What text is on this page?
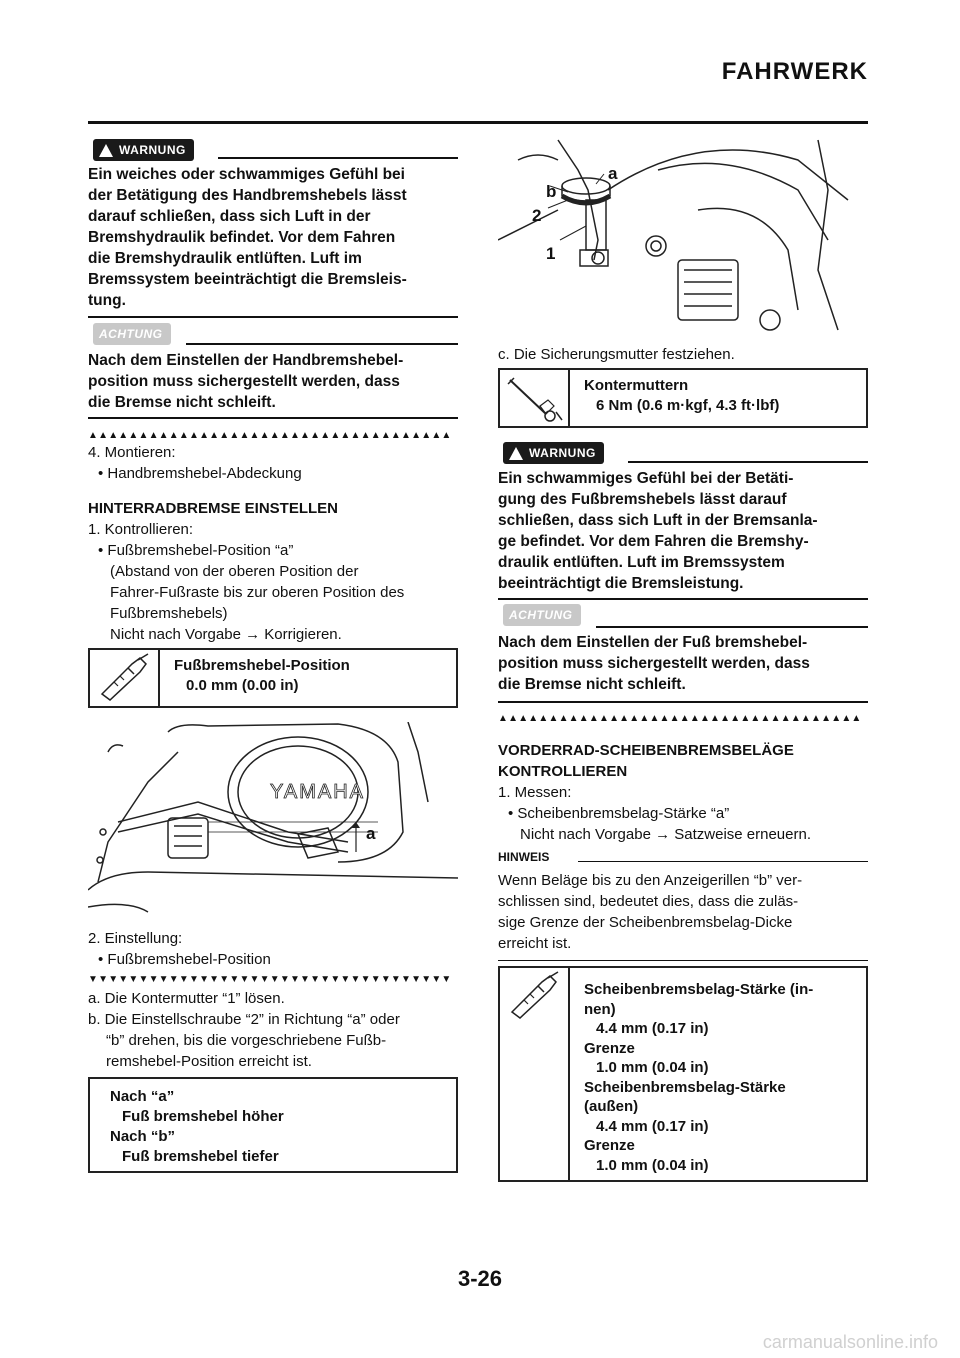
FAHRWERK
WARNUNG
Ein weiches oder schwammiges Gefühl bei
der Betätigung des Handbremshebels lässt
darauf schließen, dass sich Luft in der
Bremshydraulik befindet. Vor dem Fahren
die Bremshydraulik entlüften. Luft im
Bremssystem beeinträchtigt die Bremsleis-
tung.
ACHTUNG
Nach dem Einstellen der Handbremshebel-
position muss sichergestellt werden, dass
die Bremse nicht schleift.
▲▲▲▲▲▲▲▲▲▲▲▲▲▲▲▲▲▲▲▲▲▲▲▲▲▲▲▲▲▲▲▲▲▲▲▲
4. Montieren:
• Handbremshebel-Abdeckung
HINTERRADBREMSE EINSTELLEN
1. Kontrollieren:
• Fußbremshebel-Position “a”
(Abstand von der oberen Position der
Fahrer-Fußraste bis zur oberen Position des
Fußbremshebels)
Nicht nach Vorgabe → Korrigieren.
Fußbremshebel-Position
0.0 mm (0.00 in)
YAMAHA
a
2. Einstellung:
• Fußbremshebel-Position
▼▼▼▼▼▼▼▼▼▼▼▼▼▼▼▼▼▼▼▼▼▼▼▼▼▼▼▼▼▼▼▼▼▼▼▼
a. Die Kontermutter “1” lösen.
b. Die Einstellschraube “2” in Richtung “a” oder
“b” drehen, bis die vorgeschriebene Fußb-
remshebel-Position erreicht ist.
Nach “a”
Fuß bremshebel höher
Nach “b”
Fuß bremshebel tiefer
a
b
2
1
c. Die Sicherungsmutter festziehen.
Kontermuttern
6 Nm (0.6 m·kgf, 4.3 ft·lbf)
WARNUNG
Ein schwammiges Gefühl bei der Betäti-
gung des Fußbremshebels lässt darauf
schließen, dass sich Luft in der Bremsanla-
ge befindet. Vor dem Fahren die Bremshy-
draulik entlüften. Luft im Bremssystem
beeinträchtigt die Bremsleistung.
ACHTUNG
Nach dem Einstellen der Fuß bremshebel-
position muss sichergestellt werden, dass
die Bremse nicht schleift.
▲▲▲▲▲▲▲▲▲▲▲▲▲▲▲▲▲▲▲▲▲▲▲▲▲▲▲▲▲▲▲▲▲▲▲▲
VORDERRAD-SCHEIBENBREMSBELÄGE
KONTROLLIEREN
1. Messen:
• Scheibenbremsbelag-Stärke “a”
Nicht nach Vorgabe → Satzweise erneuern.
HINWEIS
Wenn Beläge bis zu den Anzeigerillen “b” ver-
schlissen sind, bedeutet dies, dass die zuläs-
sige Grenze der Scheibenbremsbelag-Dicke
erreicht ist.
Scheibenbremsbelag-Stärke (in-
nen)
4.4 mm (0.17 in)
Grenze
1.0 mm (0.04 in)
Scheibenbremsbelag-Stärke
(außen)
4.4 mm (0.17 in)
Grenze
1.0 mm (0.04 in)
3-26
carmanualsonline.info
